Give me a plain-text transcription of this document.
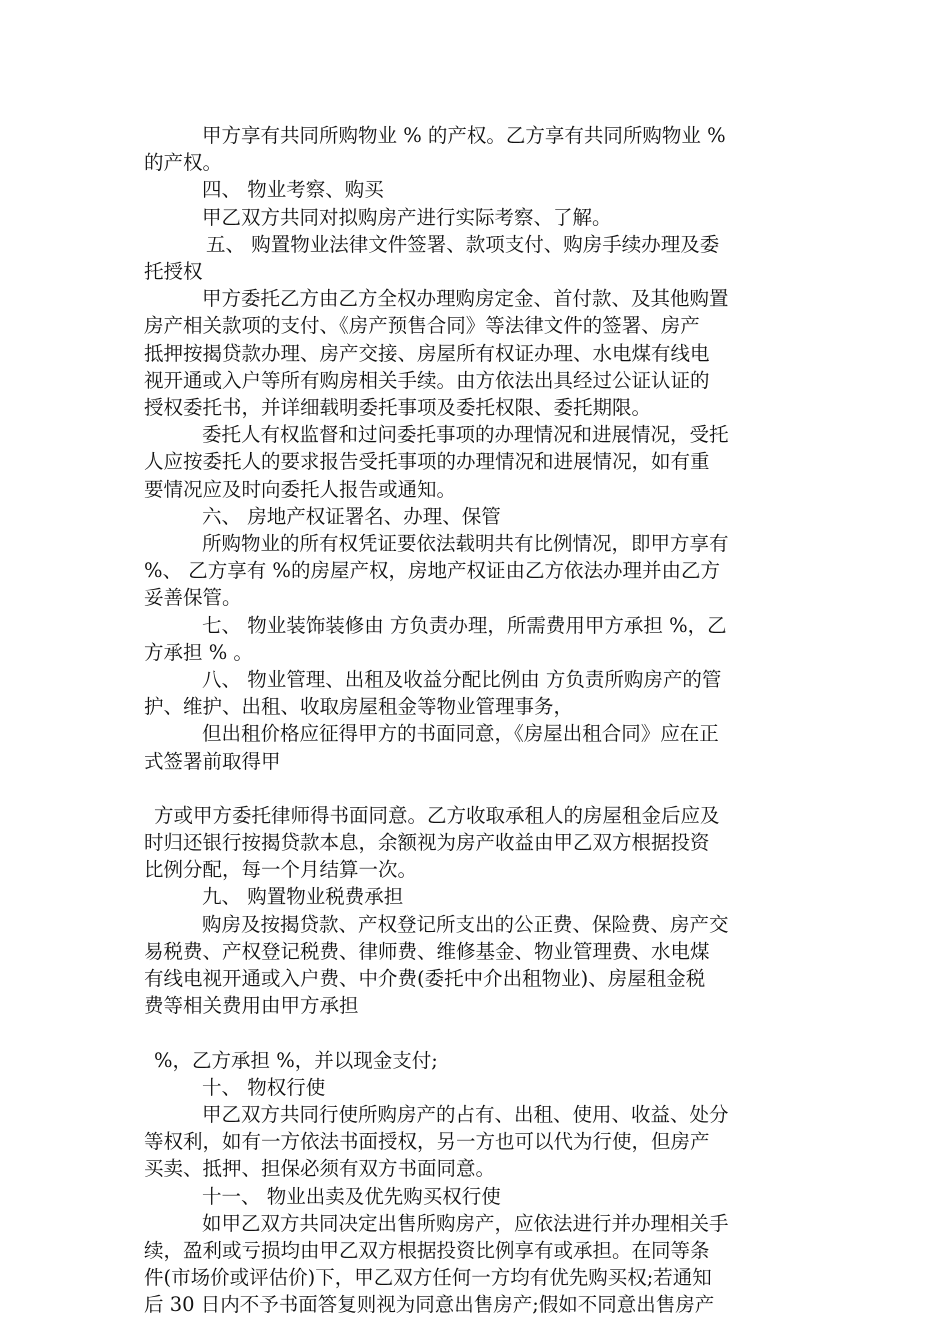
甲方享有共同所购物业 % 的产权。乙方享有共同所购物业 %

的产权。

四、 物业考察、购买

甲乙双方共同对拟购房产进行实际考察、了解。

五、 购置物业法律文件签署、款项支付、购房手续办理及委

托授权

甲方委托乙方由乙方全权办理购房定金、首付款、及其他购置

房产相关款项的支付、《房产预售合同》等法律文件的签署、房产

抵押按揭贷款办理、房产交接、房屋所有权证办理、水电煤有线电

视开通或入户等所有购房相关手续。由方依法出具经过公证认证的

授权委托书，并详细载明委托事项及委托权限、委托期限。

委托人有权监督和过问委托事项的办理情况和进展情况，受托

人应按委托人的要求报告受托事项的办理情况和进展情况，如有重

要情况应及时向委托人报告或通知。

六、 房地产权证署名、办理、保管

所购物业的所有权凭证要依法载明共有比例情况，即甲方享有

%、 乙方享有 %的房屋产权，房地产权证由乙方依法办理并由乙方

妥善保管。

七、 物业装饰装修由 方负责办理，所需费用甲方承担 %，乙

方承担 % 。

八、 物业管理、出租及收益分配比例由 方负责所购房产的管

护、维护、出租、收取房屋租金等物业管理事务，

但出租价格应征得甲方的书面同意，《房屋出租合同》应在正

式签署前取得甲

方或甲方委托律师得书面同意。乙方收取承租人的房屋租金后应及

时归还银行按揭贷款本息，余额视为房产收益由甲乙双方根据投资

比例分配，每一个月结算一次。

九、 购置物业税费承担

购房及按揭贷款、产权登记所支出的公正费、保险费、房产交

易税费、产权登记税费、律师费、维修基金、物业管理费、水电煤

有线电视开通或入户费、中介费(委托中介出租物业)、房屋租金税

费等相关费用由甲方承担

%，乙方承担 %，并以现金支付;

十、 物权行使

甲乙双方共同行使所购房产的占有、出租、使用、收益、处分

等权利，如有一方依法书面授权，另一方也可以代为行使，但房产

买卖、抵押、担保必须有双方书面同意。

十一、 物业出卖及优先购买权行使

如甲乙双方共同决定出售所购房产，应依法进行并办理相关手

续，盈利或亏损均由甲乙双方根据投资比例享有或承担。在同等条

件(市场价或评估价)下，甲乙双方任何一方均有优先购买权;若通知

后 30 日内不予书面答复则视为同意出售房产;假如不同意出售房产
